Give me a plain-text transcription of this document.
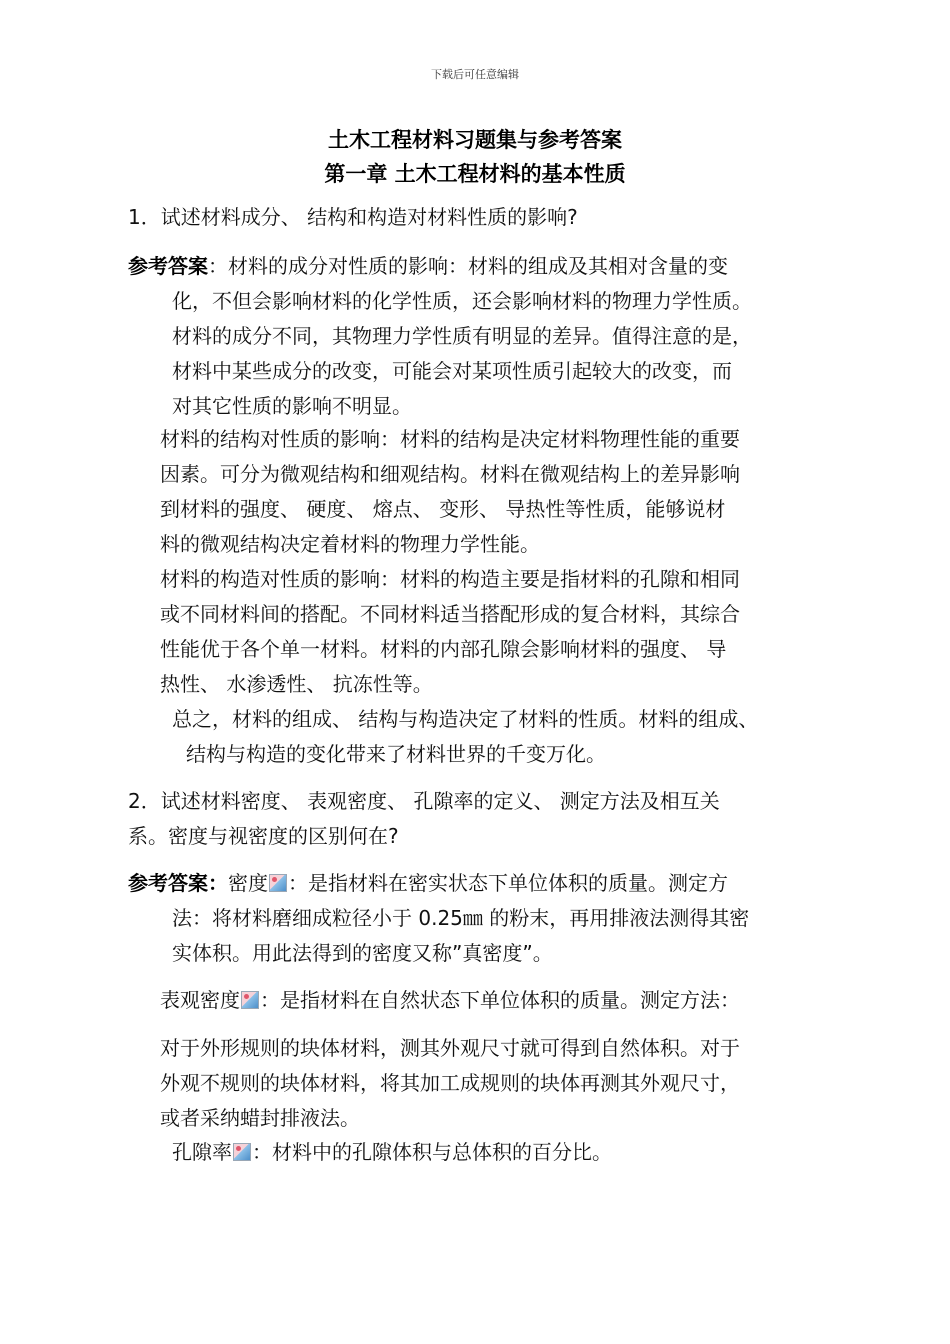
下载后可任意编辑
土木工程材料习题集与参考答案
第一章 土木工程材料的基本性质
1．试述材料成分、 结构和构造对材料性质的影响?
参考答案：材料的成分对性质的影响：材料的组成及其相对含量的变
化，不但会影响材料的化学性质，还会影响材料的物理力学性质。
材料的成分不同，其物理力学性质有明显的差异。值得注意的是，
材料中某些成分的改变，可能会对某项性质引起较大的改变，而
对其它性质的影响不明显。
材料的结构对性质的影响：材料的结构是决定材料物理性能的重要
因素。可分为微观结构和细观结构。材料在微观结构上的差异影响
到材料的强度、 硬度、 熔点、 变形、 导热性等性质，能够说材
料的微观结构决定着材料的物理力学性能。
材料的构造对性质的影响：材料的构造主要是指材料的孔隙和相同
或不同材料间的搭配。不同材料适当搭配形成的复合材料，其综合
性能优于各个单一材料。材料的内部孔隙会影响材料的强度、 导
热性、 水渗透性、 抗冻性等。
总之，材料的组成、 结构与构造决定了材料的性质。材料的组成、
结构与构造的变化带来了材料世界的千变万化。
2．试述材料密度、 表观密度、 孔隙率的定义、 测定方法及相互关
系。密度与视密度的区别何在?
参考答案：密度 ：是指材料在密实状态下单位体积的质量。测定方
法：将材料磨细成粒径小于 0.25㎜ 的粉末，再用排液法测得其密
实体积。用此法得到的密度又称”真密度”。
表观密度 ：是指材料在自然状态下单位体积的质量。测定方法：
对于外形规则的块体材料，测其外观尺寸就可得到自然体积。对于
外观不规则的块体材料，将其加工成规则的块体再测其外观尺寸，
或者采纳蜡封排液法。
孔隙率 ：材料中的孔隙体积与总体积的百分比。
